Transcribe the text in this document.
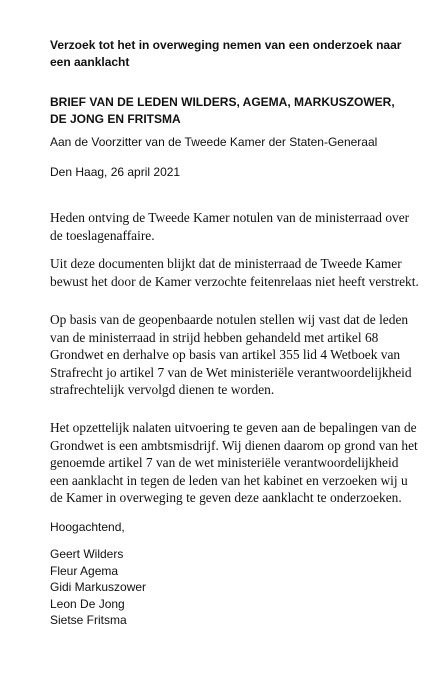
Verzoek tot het in overweging nemen van een onderzoek naar een aanklacht

BRIEF VAN DE LEDEN WILDERS, AGEMA, MARKUSZOWER, DE JONG EN FRITSMA

Aan de Voorzitter van de Tweede Kamer der Staten-Generaal

Den Haag, 26 april 2021

Heden ontving de Tweede Kamer notulen van de ministerraad over de toeslagenaffaire.

Uit deze documenten blijkt dat de ministerraad de Tweede Kamer bewust het door de Kamer verzochte feitenrelaas niet heeft verstrekt.

Op basis van de geopenbaarde notulen stellen wij vast dat de leden van de ministerraad in strijd hebben gehandeld met artikel 68 Grondwet en derhalve op basis van artikel 355 lid 4 Wetboek van Strafrecht jo artikel 7 van de Wet ministeriële verantwoordelijkheid strafrechtelijk vervolgd dienen te worden.

Het opzettelijk nalaten uitvoering te geven aan de bepalingen van de Grondwet is een ambtsmisdrijf. Wij dienen daarom op grond van het genoemde artikel 7 van de wet ministeriële verantwoordelijkheid een aanklacht in tegen de leden van het kabinet en verzoeken wij u de Kamer in overweging te geven deze aanklacht te onderzoeken.

Hoogachtend,

Geert Wilders
Fleur Agema
Gidi Markuszower
Leon De Jong
Sietse Fritsma
